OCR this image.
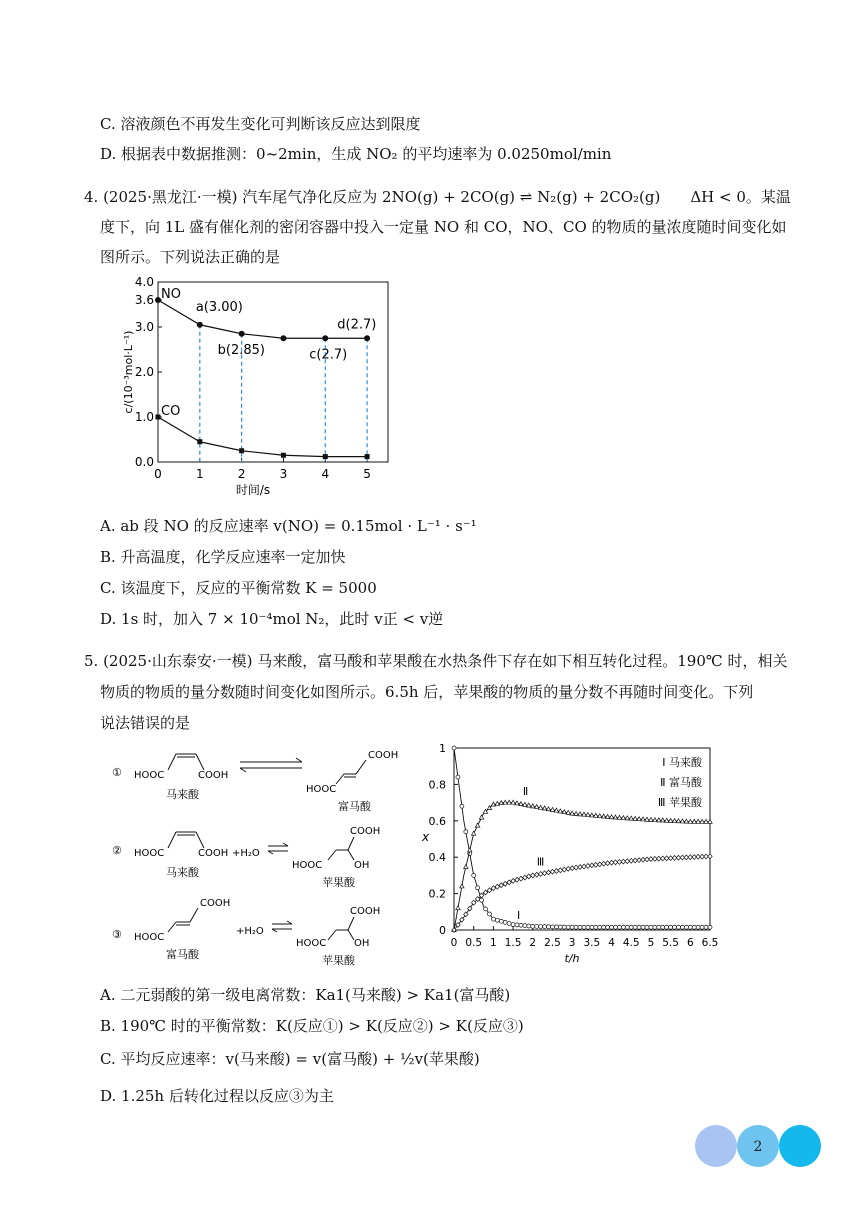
C. 溶液颜色不再发生变化可判断该反应达到限度
D. 根据表中数据推测：0~2min，生成 NO₂ 的平均速率为 0.0250mol/min
4. (2025·黑龙江·一模) 汽车尾气净化反应为 2NO(g) + 2CO(g) ⇌ N₂(g) + 2CO₂(g)　　ΔH < 0。某温
度下，向 1L 盛有催化剂的密闭容器中投入一定量 NO 和 CO，NO、CO 的物质的量浓度随时间变化如
图所示。下列说法正确的是
4.0
3.6
3.0
2.0
1.0
0.0
0	1	2	3	4	5
时间/s
c/(10⁻³mol·L⁻¹)
NO
CO
a(3.00)
b(2.85)	c(2.7)
d(2.7)
A. ab 段 NO 的反应速率 v(NO) = 0.15mol · L⁻¹ · s⁻¹
B. 升高温度，化学反应速率一定加快
C. 该温度下，反应的平衡常数 K = 5000
D. 1s 时，加入 7 × 10⁻⁴mol N₂，此时 v正 < v逆
5. (2025·山东泰安·一模) 马来酸，富马酸和苹果酸在水热条件下存在如下相互转化过程。190℃ 时，相关
物质的物质的量分数随时间变化如图所示。6.5h 后，苹果酸的物质的量分数不再随时间变化。下列
说法错误的是
① HOOC	COOH
马来酸
COOH
HOOC
富马酸
② HOOC	COOH +H₂O
COOH
OH
HOOC
马来酸
苹果酸
③ HOOC
COOH
富马酸
+H₂O
COOH
OH
HOOC
苹果酸
0
0.2
0.4
0.6
0.8
1
0 0.5 1 1.5 2 2.5 3 3.5 4 4.5 5 5.5 6 6.5
t/h
x
Ⅰ 马来酸
Ⅱ 富马酸
Ⅲ 苹果酸
Ⅱ
Ⅲ
Ⅰ
A. 二元弱酸的第一级电离常数：Ka1(马来酸) > Ka1(富马酸)
B. 190℃ 时的平衡常数：K(反应①) > K(反应②) > K(反应③)
C. 平均反应速率：v(马来酸) = v(富马酸) + ½v(苹果酸)
D. 1.25h 后转化过程以反应③为主
2
